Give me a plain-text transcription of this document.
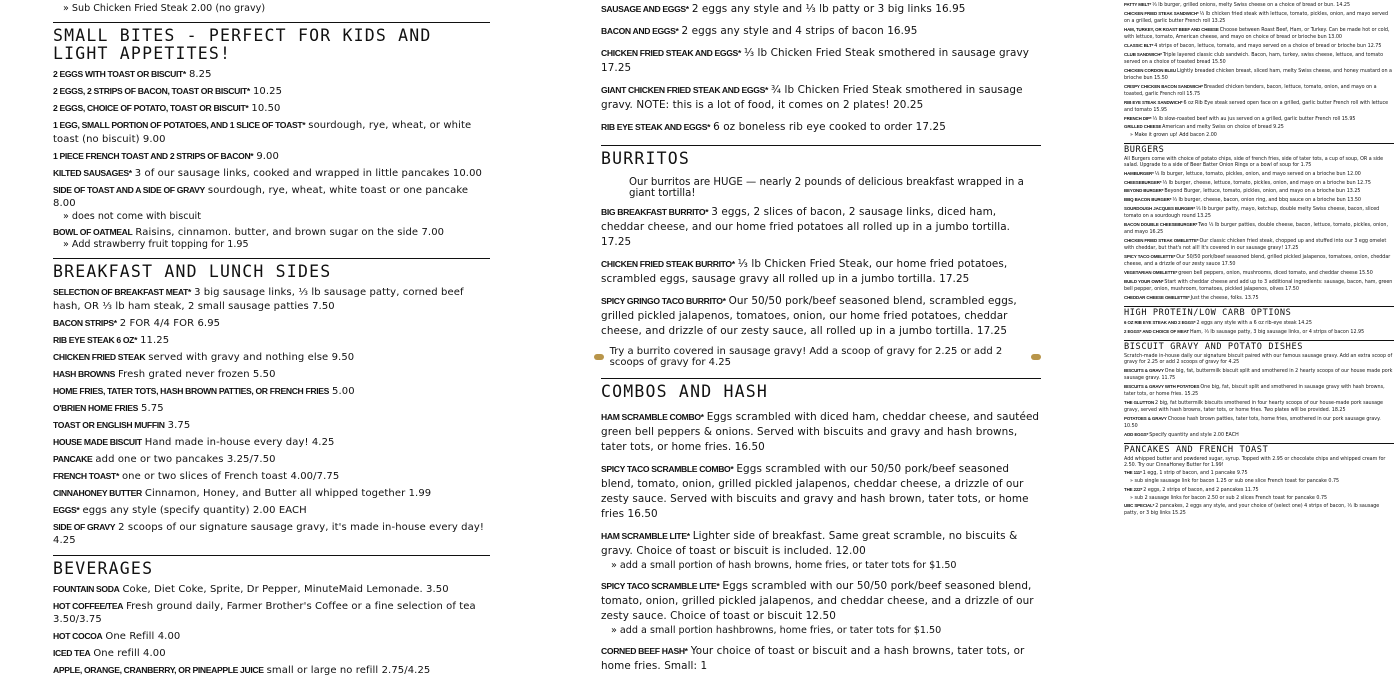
» Sub Chicken Fried Steak 2.00 (no gravy)
SMALL BITES - PERFECT FOR KIDS AND LIGHT APPETITES!
2 EGGS WITH TOAST OR BISCUIT* 8.25
2 EGGS, 2 STRIPS OF BACON, TOAST OR BISCUIT* 10.25
2 EGGS, CHOICE OF POTATO, TOAST OR BISCUIT* 10.50
1 EGG, SMALL PORTION OF POTATOES, AND 1 SLICE OF TOAST* sourdough, rye, wheat, or white toast (no biscuit) 9.00
1 PIECE FRENCH TOAST AND 2 STRIPS OF BACON* 9.00
KILTED SAUSAGES* 3 of our sausage links, cooked and wrapped in little pancakes 10.00
SIDE OF TOAST AND A SIDE OF GRAVY sourdough, rye, wheat, white toast or one pancake 8.00
» does not come with biscuit
BOWL OF OATMEAL Raisins, cinnamon. butter, and brown sugar on the side 7.00
» Add strawberry fruit topping for 1.95
BREAKFAST AND LUNCH SIDES
SELECTION OF BREAKFAST MEAT* 3 big sausage links, ⅓ lb sausage patty, corned beef hash, OR ⅓ lb ham steak, 2 small sausage patties 7.50
BACON STRIPS* 2 FOR 4/4 FOR 6.95
RIB EYE STEAK 6 OZ* 11.25
CHICKEN FRIED STEAK served with gravy and nothing else 9.50
HASH BROWNS Fresh grated never frozen 5.50
HOME FRIES, TATER TOTS, HASH BROWN PATTIES, OR FRENCH FRIES 5.00
O'BRIEN HOME FRIES 5.75
TOAST OR ENGLISH MUFFIN 3.75
HOUSE MADE BISCUIT Hand made in-house every day! 4.25
PANCAKE add one or two pancakes 3.25/7.50
FRENCH TOAST* one or two slices of French toast 4.00/7.75
CINNAHONEY BUTTER Cinnamon, Honey, and Butter all whipped together 1.99
EGGS* eggs any style (specify quantity) 2.00 EACH
SIDE OF GRAVY 2 scoops of our signature sausage gravy, it's made in-house every day! 4.25
BEVERAGES
FOUNTAIN SODA Coke, Diet Coke, Sprite, Dr Pepper, MinuteMaid Lemonade. 3.50
HOT COFFEE/TEA Fresh ground daily, Farmer Brother's Coffee or a fine selection of tea 3.50/3.75
HOT COCOA One Refill 4.00
ICED TEA One refill 4.00
APPLE, ORANGE, CRANBERRY, OR PINEAPPLE JUICE small or large no refill 2.75/4.25
SAUSAGE AND EGGS* 2 eggs any style and ⅓ lb patty or 3 big links 16.95
BACON AND EGGS* 2 eggs any style and 4 strips of bacon 16.95
CHICKEN FRIED STEAK AND EGGS* ⅓ lb Chicken Fried Steak smothered in sausage gravy 17.25
GIANT CHICKEN FRIED STEAK AND EGGS* ¾ lb Chicken Fried Steak smothered in sausage gravy. NOTE: this is a lot of food, it comes on 2 plates! 20.25
RIB EYE STEAK AND EGGS* 6 oz boneless rib eye cooked to order 17.25
BURRITOS
Our burritos are HUGE — nearly 2 pounds of delicious breakfast wrapped in a giant tortilla!
BIG BREAKFAST BURRITO* 3 eggs, 2 slices of bacon, 2 sausage links, diced ham, cheddar cheese, and our home fried potatoes all rolled up in a jumbo tortilla. 17.25
CHICKEN FRIED STEAK BURRITO* ⅓ lb Chicken Fried Steak, our home fried potatoes, scrambled eggs, sausage gravy all rolled up in a jumbo tortilla. 17.25
SPICY GRINGO TACO BURRITO* Our 50/50 pork/beef seasoned blend, scrambled eggs, grilled pickled jalapenos, tomatoes, onion, our home fried potatoes, cheddar cheese, and drizzle of our zesty sauce, all rolled up in a jumbo tortilla. 17.25
Try a burrito covered in sausage gravy! Add a scoop of gravy for 2.25 or add 2 scoops of gravy for 4.25
COMBOS AND HASH
HAM SCRAMBLE COMBO* Eggs scrambled with diced ham, cheddar cheese, and sautéed green bell peppers & onions. Served with biscuits and gravy and hash browns, tater tots, or home fries. 16.50
SPICY TACO SCRAMBLE COMBO* Eggs scrambled with our 50/50 pork/beef seasoned blend, tomato, onion, grilled pickled jalapenos, cheddar cheese, a drizzle of our zesty sauce. Served with biscuits and gravy and hash brown, tater tots, or home fries 16.50
HAM SCRAMBLE LITE* Lighter side of breakfast. Same great scramble, no biscuits & gravy. Choice of toast or biscuit is included. 12.00
» add a small portion of hash browns, home fries, or tater tots for $1.50
SPICY TACO SCRAMBLE LITE* Eggs scrambled with our 50/50 pork/beef seasoned blend, tomato, onion, grilled pickled jalapenos, and cheddar cheese, and a drizzle of our zesty sauce. Choice of toast or biscuit 12.50
» add a small portion hashbrowns, home fries, or tater tots for $1.50
CORNED BEEF HASH* Your choice of toast or biscuit and a hash browns, tater tots, or home fries. Small: 1
PATTY MELT*⅓ lb burger, grilled onions, melty Swiss cheese on a choice of bread or bun. 14.25
CHICKEN FRIED STEAK SANDWICH*⅓ lb chicken fried steak with lettuce, tomato, pickles, onion, and mayo served on a grilled, garlic butter French roll 13.25
HAM, TURKEY, OR ROAST BEEF AND CHEESEChoose between Roast Beef, Ham, or Turkey. Can be made hot or cold, with lettuce, tomato, American cheese, and mayo on choice of bread or brioche bun 13.00
CLASSIC BLT*4 strips of bacon, lettuce, tomato, and mayo served on a choice of bread or brioche bun 12.75
CLUB SANDWICH*Triple layered classic club sandwich. Bacon, ham, turkey, swiss cheese, lettuce, and tomato served on a choice of toasted bread 15.50
CHICKEN CORDON BLEULightly breaded chicken breast, sliced ham, melty Swiss cheese, and honey mustard on a brioche bun 15.50
CRISPY CHICKEN BACON SANDWICH*Breaded chicken tenders, bacon, lettuce, tomato, onion, and mayo on a toasted, garlic French roll 15.75
RIB EYE STEAK SANDWICH*6 oz Rib Eye steak served open face on a grilled, garlic butter French roll with lettuce and tomato 15.95
FRENCH DIP*⅓ lb slow-roasted beef with au jus served on a grilled, garlic butter French roll 15.95
GRILLED CHEESEAmerican and melty Swiss on choice of bread 9.25
» Make it grown up! Add bacon 2.00
BURGERS
All Burgers come with choice of potato chips, side of french fries, side of tater tots, a cup of soup, OR a side salad. Upgrade to a side of Beer Batter Onion Rings or a bowl of soup for 1.75
HAMBURGER*⅓ lb burger, lettuce, tomato, pickles, onion, and mayo served on a brioche bun 12.00
CHEESEBURGER*⅓ lb burger, cheese, lettuce, tomato, pickles, onion, and mayo on a brioche bun 12.75
BEYOND BURGER*Beyond Burger, lettuce, tomato, pickles, onion, and mayo on a brioche bun 13.25
BBQ BACON BURGER*⅓ lb burger, cheese, bacon, onion ring, and bbq sauce on a brioche bun 13.50
SOURDOUGH JACQUES BURGER*⅓ lb burger patty, mayo, ketchup, double melty Swiss cheese, bacon, sliced tomato on a sourdough round 13.25
BACON DOUBLE CHEESEBURGER*Two ⅓ lb burger patties, double cheese, bacon, lettuce, tomato, pickles, onion, and mayo 16.25
CHICKEN FRIED STEAK OMELETTE*Our classic chicken fried steak, chopped up and stuffed into our 3 egg omelet with cheddar, but that's not all! It's covered in our sausage gravy! 17.25
SPICY TACO OMELETTE*Our 50/50 pork/beef seasoned blend, grilled pickled jalapenos, tomatoes, onion, cheddar cheese, and a drizzle of our zesty sauce 17.50
VEGETARIAN OMELETTE*green bell peppers, onion, mushrooms, diced tomato, and cheddar cheese 15.50
BUILD YOUR OWN*Start with cheddar cheese and add up to 3 additional ingredients: sausage, bacon, ham, green bell pepper, onion, mushroom, tomatoes, pickled jalapenos, olives 17.50
CHEDDAR CHEESE OMELETTE*Just the cheese, folks. 13.75
HIGH PROTEIN/LOW CARB OPTIONS
6 OZ RIB EYE STEAK AND 2 EGGS*2 eggs any style with a 6 oz rib-eye steak 14.25
2 EGGS* AND CHOICE OF MEATHam, ⅓ lb sausage patty, 3 big sausage links, or 4 strips of bacon 12.95
BISCUIT GRAVY AND POTATO DISHES
Scratch-made in-house daily our signature biscuit paired with our famous sausage gravy. Add an extra scoop of gravy for 2.25 or add 2 scoops of gravy for 4.25
BISCUITS & GRAVYOne big, fat, buttermilk biscuit split and smothered in 2 hearty scoops of our house made pork sausage gravy. 11.75
BISCUITS & GRAVY WITH POTATOESOne big, fat, biscuit split and smothered in sausage gravy with hash browns, tater tots, or home fries. 15.25
THE GLUTTON2 big, fat buttermilk biscuits smothered in four hearty scoops of our house-made pork sausage gravy, served with hash browns, tater tots, or home fries. Two plates will be provided. 18.25
POTATOES & GRAVYChoose hash brown patties, tater tots, home fries, smothered in our pork sausage gravy. 10.50
ADD EGGS*Specify quantity and style 2.00 EACH
PANCAKES AND FRENCH TOAST
Add whipped butter and powdered sugar, syrup. Topped with 2.95 or chocolate chips and whipped cream for 2.50. Try our CinnaHoney Butter for 1.99!
THE 111*1 egg, 1 strip of bacon, and 1 pancake 9.75
» sub single sausage link for bacon 1.25 or sub one slice French toast for pancake 0.75
THE 222*2 eggs, 2 strips of bacon, and 2 pancakes 11.75
» sub 2 sausage links for bacon 2.50 or sub 2 slices French toast for pancake 0.75
UBC SPECIAL*2 pancakes, 2 eggs any style, and your choice of (select one) 4 strips of bacon, ⅓ lb sausage patty, or 3 big links 15.25
